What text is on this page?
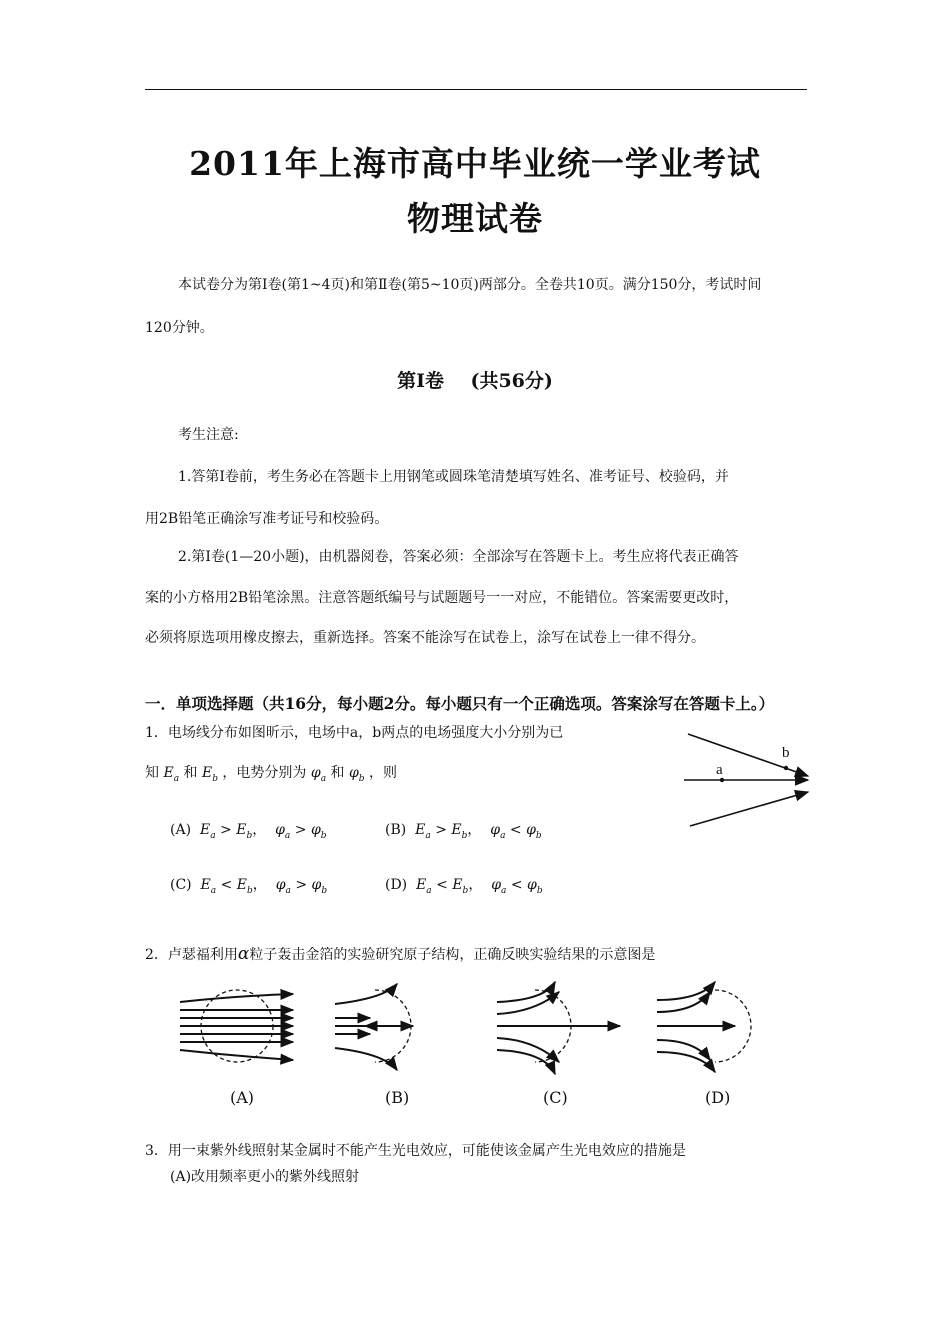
2011年上海市高中毕业统一学业考试
物理试卷
本试卷分为第Ⅰ卷(第1~4页)和第Ⅱ卷(第5~10页)两部分。全卷共10页。满分150分，考试时间
120分钟。
第Ⅰ卷    (共56分)
考生注意:
1.答第Ⅰ卷前，考生务必在答题卡上用钢笔或圆珠笔清楚填写姓名、准考证号、校验码，并
用2B铅笔正确涂写准考证号和校验码。
2.第Ⅰ卷(1—20小题)，由机器阅卷，答案必须：全部涂写在答题卡上。考生应将代表正确答
案的小方格用2B铅笔涂黑。注意答题纸编号与试题题号一一对应，不能错位。答案需要更改时，
必须将原选项用橡皮擦去，重新选择。答案不能涂写在试卷上，涂写在试卷上一律不得分。
一．单项选择题（共16分，每小题2分。每小题只有一个正确选项。答案涂写在答题卡上。）
1．电场线分布如图昕示，电场中a，b两点的电场强度大小分别为已
知 $E_a$ 和 $E_b$ ，电势分别为 $\varphi_a$ 和 $\varphi_b$ ，则
(A) $E_a > E_b$， $\varphi_a > \varphi_b$	(B) $E_a > E_b$， $\varphi_a < \varphi_b$
(C) $E_a < E_b$， $\varphi_a > \varphi_b$	(D) $E_a < E_b$， $\varphi_a < \varphi_b$
a
b
2．卢瑟福利用α粒子轰击金箔的实验研究原子结构，正确反映实验结果的示意图是
(A)	(B)	(C)	(D)
3．用一束紫外线照射某金属时不能产生光电效应，可能使该金属产生光电效应的措施是
(A)改用频率更小的紫外线照射
